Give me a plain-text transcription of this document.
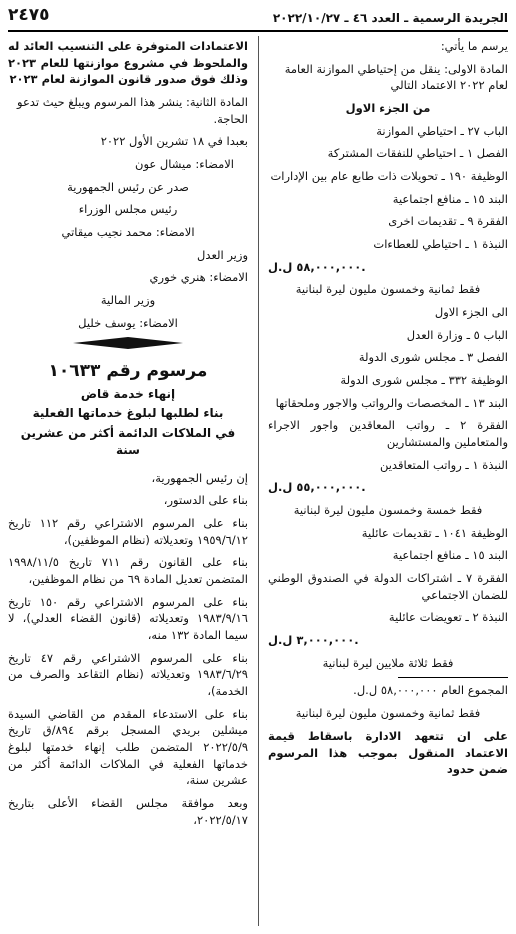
الجريدة الرسمية ـ العدد ٤٦ ـ ٢٠٢٢/١٠/٢٧
٢٤٧٥

يرسم ما يأتي:

المادة الاولى: ينقل من إحتياطي الموازنة العامة لعام ٢٠٢٢ الاعتماد التالي

من الجزء الاول

الباب ٢٧ ـ احتياطي الموازنة

الفصل ١ ـ احتياطي للنفقات المشتركة

الوظيفة ١٩٠ ـ تحويلات ذات طابع عام بين الإدارات

البند ١٥ ـ منافع اجتماعية

الفقرة ٩ ـ تقديمات اخرى

النبذة ١ ـ احتياطي للعطاءات

٥٨,٠٠٠,٠٠٠ ل.ل.

فقط ثمانية وخمسون مليون ليرة لبنانية

الى الجزء الاول

الباب ٥ ـ وزارة العدل

الفصل ٣ ـ مجلس شورى الدولة

الوظيفة ٣٣٢ ـ مجلس شورى الدولة

البند ١٣ ـ المخصصات والرواتب والاجور وملحقاتها

الفقرة ٢ ـ رواتب المعاقدين واجور الاجراء والمتعاملين والمستشارين

النبذة ١ ـ رواتب المتعاقدين

٥٥,٠٠٠,٠٠٠ ل.ل.

فقط خمسة وخمسون مليون ليرة لبنانية

الوظيفة ١٠٤١ ـ تقديمات عائلية

البند ١٥ ـ منافع اجتماعية

الفقرة ٧ ـ اشتراكات الدولة في الصندوق الوطني للضمان الاجتماعي

النبذة ٢ ـ تعويضات عائلية

٣,٠٠٠,٠٠٠ ل.ل.

فقط ثلاثة ملايين ليرة لبنانية

المجموع العام ٥٨,٠٠٠,٠٠٠ ل.ل.

فقط ثمانية وخمسون مليون ليرة لبنانية

على ان تتعهد الادارة باسقاط قيمة الاعتماد المنقول بموجب هذا المرسوم ضمن حدود

الاعتمادات المتوفرة على التنسيب العائد له والملحوظ في مشروع موازنتها للعام ٢٠٢٣ وذلك فوق صدور قانون الموازنة لعام ٢٠٢٣

المادة الثانية: ينشر هذا المرسوم ويبلغ حيث تدعو الحاجة.

بعبدا في ١٨ تشرين الأول ٢٠٢٢

الامضاء: ميشال عون

صدر عن رئيس الجمهورية

رئيس مجلس الوزراء

الامضاء: محمد نجيب ميقاتي

وزير العدل

الامضاء: هنري خوري

وزير المالية

الامضاء: يوسف خليل

مرسوم رقم ١٠٦٣٣
إنهاء خدمة قاض
بناء لطلبها لبلوغ خدماتها الفعلية
في الملاكات الدائمة أكثر من عشرين سنة

إن رئيس الجمهورية،

بناء على الدستور،

بناء على المرسوم الاشتراعي رقم ١١٢ تاريخ ١٩٥٩/٦/١٢ وتعديلاته (نظام الموظفين)،

بناء على القانون رقم ٧١١ تاريخ ١٩٩٨/١١/٥ المتضمن تعديل المادة ٦٩ من نظام الموظفين،

بناء على المرسوم الاشتراعي رقم ١٥٠ تاريخ ١٩٨٣/٩/١٦ وتعديلاته (قانون القضاء العدلي)، لا سيما المادة ١٣٢ منه،

بناء على المرسوم الاشتراعي رقم ٤٧ تاريخ ١٩٨٣/٦/٢٩ وتعديلاته (نظام التقاعد والصرف من الخدمة)،

بناء على الاستدعاء المقدم من القاضي السيدة ميشلين بريدي المسجل برقم ٨٩٤/ق تاريخ ٢٠٢٢/٥/٩ المتضمن طلب إنهاء خدمتها لبلوغ خدماتها الفعلية في الملاكات الدائمة أكثر من عشرين سنة،

وبعد موافقة مجلس القضاء الأعلى بتاريخ ٢٠٢٢/٥/١٧،
